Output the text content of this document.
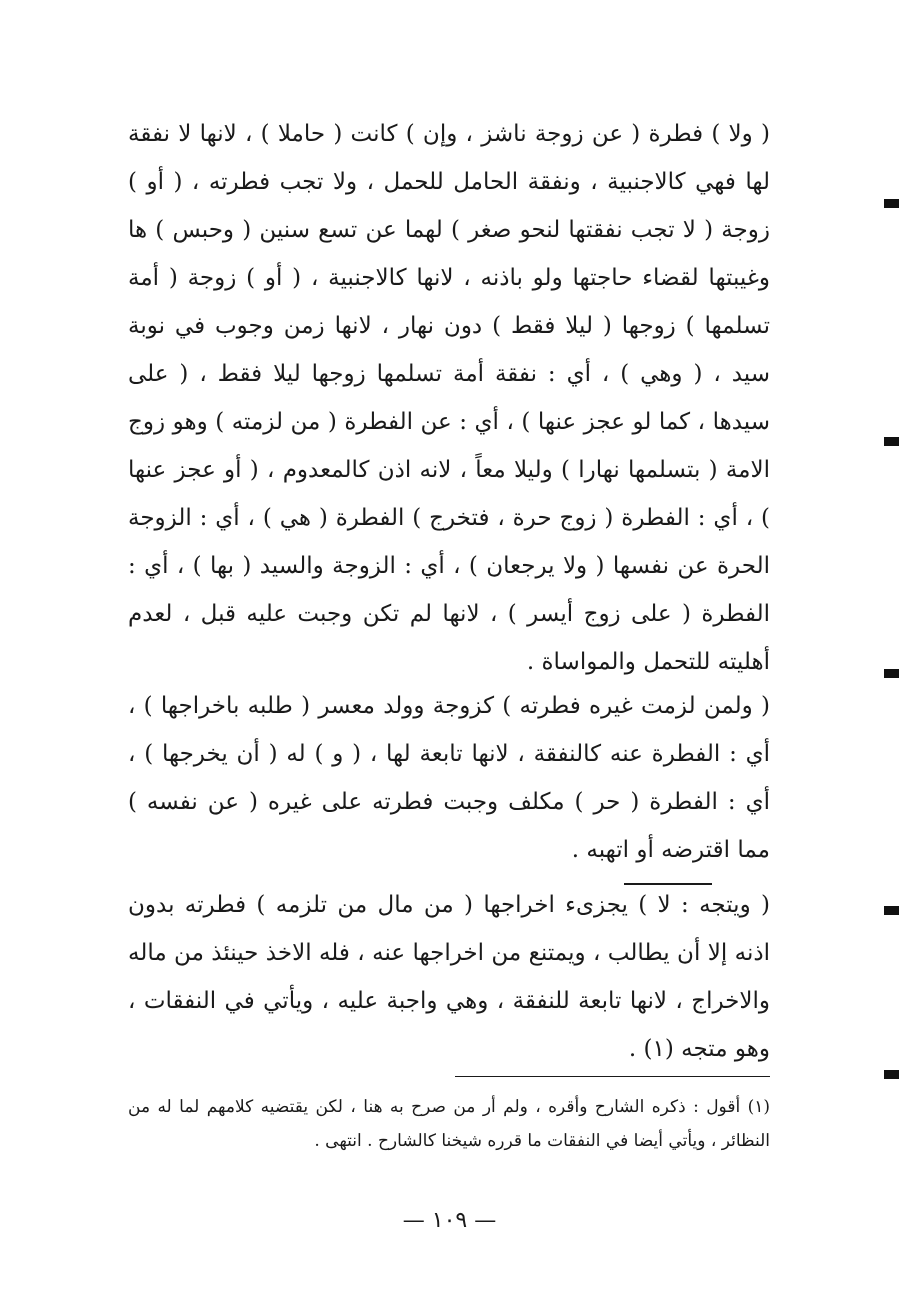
( ولا ) فطرة ( عن زوجة ناشز ، وإن ) كانت ( حاملا ) ، لانها لا نفقة لها فهي كالاجنبية ، ونفقة الحامل للحمل ، ولا تجب فطرته ، ( أو ) زوجة ( لا تجب نفقتها لنحو صغر ) لهما عن تسع سنين ( وحبس ) ها وغيبتها لقضاء حاجتها ولو باذنه ، لانها كالاجنبية ، ( أو ) زوجة ( أمة تسلمها ) زوجها ( ليلا فقط ) دون نهار ، لانها زمن وجوب في نوبة سيد ، ( وهي ) ، أي : نفقة أمة تسلمها زوجها ليلا فقط ، ( على سيدها ، كما لو عجز عنها ) ، أي : عن الفطرة ( من لزمته ) وهو زوج الامة ( بتسلمها نهارا ) وليلا معاً ، لانه اذن كالمعدوم ، ( أو عجز عنها ) ، أي : الفطرة ( زوج حرة ، فتخرج ) الفطرة ( هي ) ، أي : الزوجة الحرة عن نفسها ( ولا يرجعان ) ، أي : الزوجة والسيد ( بها ) ، أي : الفطرة ( على زوج أيسر ) ، لانها لم تكن وجبت عليه قبل ، لعدم أهليته للتحمل والمواساة .

( ولمن لزمت غيره فطرته ) كزوجة وولد معسر ( طلبه باخراجها ) ، أي : الفطرة عنه كالنفقة ، لانها تابعة لها ، ( و ) له ( أن يخرجها ) ، أي : الفطرة ( حر ) مكلف وجبت فطرته على غيره ( عن نفسه ) مما اقترضه أو اتهبه .

( ويتجه : لا ) يجزىء اخراجها ( من مال من تلزمه ) فطرته بدون اذنه إلا أن يطالب ، ويمتنع من اخراجها عنه ، فله الاخذ حينئذ من ماله والاخراج ، لانها تابعة للنفقة ، وهي واجبة عليه ، ويأتي في النفقات ، وهو متجه (١) .

(١) أقول : ذكره الشارح وأقره ، ولم أر من صرح به هنا ، لكن يقتضيه كلامهم لما له من النظائر ، ويأتي أيضا في النفقات ما قرره شيخنا كالشارح . انتهى .

— ١٠٩ —
